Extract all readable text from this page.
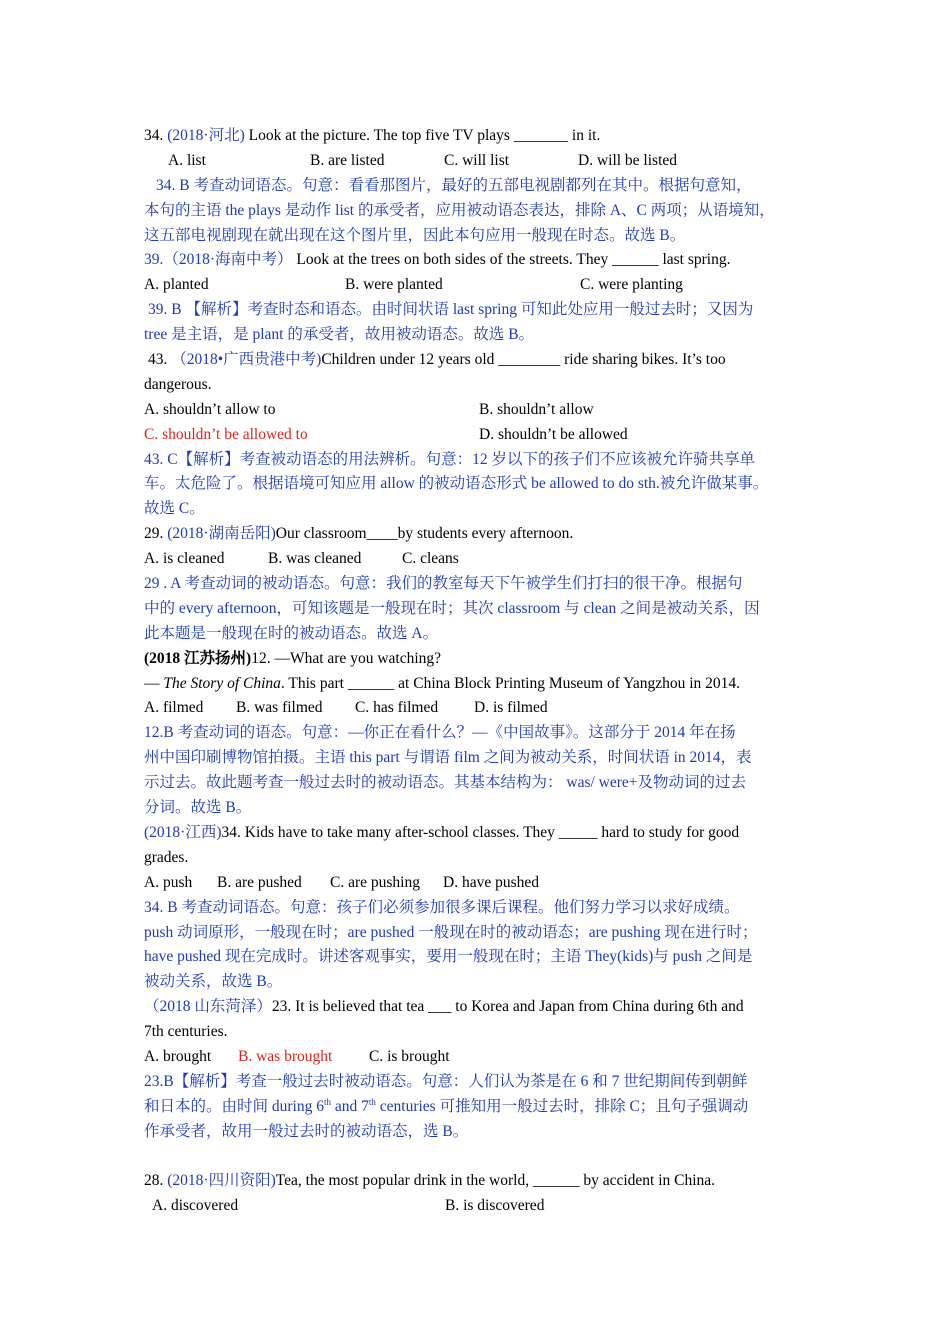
34. (2018·河北) Look at the picture. The top five TV plays _______ in it.
A. list	B. are listed	C. will list	D. will be listed
34. B 考查动词语态。句意：看看那图片，最好的五部电视剧都列在其中。根据句意知，
本句的主语 the plays 是动作 list 的承受者，应用被动语态表达，排除 A、C 两项；从语境知，
这五部电视剧现在就出现在这个图片里，因此本句应用一般现在时态。故选 B。
39.（2018·海南中考） Look at the trees on both sides of the streets. They ______ last spring.
A. planted	B. were planted	C. were planting
39. B 【解析】考查时态和语态。由时间状语 last spring 可知此处应用一般过去时；又因为
tree 是主语，是 plant 的承受者，故用被动语态。故选 B。
43. （2018•广西贵港中考)Children under 12 years old ________ ride sharing bikes. It’s too
dangerous.
A. shouldn’t allow to	B. shouldn’t allow
C. shouldn’t be allowed to	D. shouldn’t be allowed
43. C【解析】考查被动语态的用法辨析。句意：12 岁以下的孩子们不应该被允许骑共享单
车。太危险了。根据语境可知应用 allow 的被动语态形式 be allowed to do sth.被允许做某事。
故选 C。
29. (2018·湖南岳阳)Our classroom____by students every afternoon.
A. is cleaned	B. was cleaned	C. cleans
29 . A 考查动词的被动语态。句意：我们的教室每天下午被学生们打扫的很干净。根据句
中的 every afternoon，可知该题是一般现在时；其次 classroom 与 clean 之间是被动关系，因
此本题是一般现在时的被动语态。故选 A。
(2018 江苏扬州)12. —What are you watching?
— The Story of China. This part ______ at China Block Printing Museum of Yangzhou in 2014.
A. filmed B. was filmed C. has filmed D. is filmed
12.B 考查动词的语态。句意：—你正在看什么？—《中国故事》。这部分于 2014 年在扬
州中国印刷博物馆拍摄。主语 this part 与谓语 film 之间为被动关系，时间状语 in 2014，表
示过去。故此题考查一般过去时的被动语态。其基本结构为： was/ were+及物动词的过去
分词。故选 B。
(2018·江西)34. Kids have to take many after-school classes. They _____ hard to study for good
grades.
A. push B. are pushed C. are pushing D. have pushed
34. B 考查动词语态。句意：孩子们必须参加很多课后课程。他们努力学习以求好成绩。
push 动词原形，一般现在时；are pushed 一般现在时的被动语态；are pushing 现在进行时；
have pushed 现在完成时。讲述客观事实，要用一般现在时；主语 They(kids)与 push 之间是
被动关系，故选 B。
（2018 山东菏泽）23. It is believed that tea ___ to Korea and Japan from China during 6th and
7th centuries.
A. brought B. was brought C. is brought
23.B【解析】考查一般过去时被动语态。句意：人们认为茶是在 6 和 7 世纪期间传到朝鲜
和日本的。由时间 during 6th and 7th centuries 可推知用一般过去时，排除 C；且句子强调动
作承受者，故用一般过去时的被动语态，选 B。
28. (2018·四川资阳)Tea, the most popular drink in the world, ______ by accident in China.
A. discovered	B. is discovered
